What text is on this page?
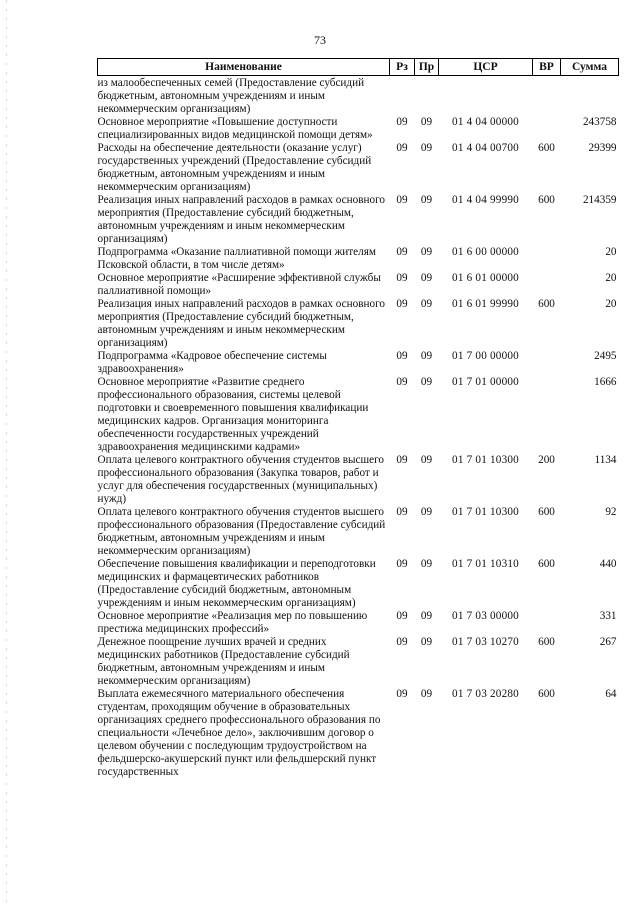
73
Наименование	Рз	Пр	ЦСР	ВР	Сумма
из малообеспеченных семей (Предоставление субсидий бюджетным, автономным учреждениям и иным некоммерческим организациям)					
Основное мероприятие «Повышение доступности специализированных видов медицинской помощи детям»	09	09	01 4 04 00000		243758
Расходы на обеспечение деятельности (оказание услуг) государственных учреждений (Предоставление субсидий бюджетным, автономным учреждениям и иным некоммерческим организациям)	09	09	01 4 04 00700	600	29399
Реализация иных направлений расходов в рамках основного мероприятия (Предоставление субсидий бюджетным, автономным учреждениям и иным некоммерческим организациям)	09	09	01 4 04 99990	600	214359
Подпрограмма «Оказание паллиативной помощи жителям Псковской области, в том числе детям»	09	09	01 6 00 00000		20
Основное мероприятие «Расширение эффективной службы паллиативной помощи»	09	09	01 6 01 00000		20
Реализация иных направлений расходов в рамках основного мероприятия (Предоставление субсидий бюджетным, автономным учреждениям и иным некоммерческим организациям)	09	09	01 6 01 99990	600	20
Подпрограмма «Кадровое обеспечение системы здравоохранения»	09	09	01 7 00 00000		2495
Основное мероприятие «Развитие среднего профессионального образования, системы целевой подготовки и своевременного повышения квалификации медицинских кадров. Организация мониторинга обеспеченности государственных учреждений здравоохранения медицинскими кадрами»	09	09	01 7 01 00000		1666
Оплата целевого контрактного обучения студентов высшего профессионального образования (Закупка товаров, работ и услуг для обеспечения государственных (муниципальных) нужд)	09	09	01 7 01 10300	200	1134
Оплата целевого контрактного обучения студентов высшего профессионального образования (Предоставление субсидий бюджетным, автономным учреждениям и иным некоммерческим организациям)	09	09	01 7 01 10300	600	92
Обеспечение повышения квалификации и переподготовки медицинских и фармацевтических работников (Предоставление субсидий бюджетным, автономным учреждениям и иным некоммерческим организациям)	09	09	01 7 01 10310	600	440
Основное мероприятие «Реализация мер по повышению престижа медицинских профессий»	09	09	01 7 03 00000		331
Денежное поощрение лучших врачей и средних медицинских работников (Предоставление субсидий бюджетным, автономным учреждениям и иным некоммерческим организациям)	09	09	01 7 03 10270	600	267
Выплата ежемесячного материального обеспечения студентам, проходящим обучение в образовательных организациях среднего профессионального образования по специальности «Лечебное дело», заключившим договор о целевом обучении с последующим трудоустройством на фельдшерско-акушерский пункт или фельдшерский пункт государственных	09	09	01 7 03 20280	600	64
